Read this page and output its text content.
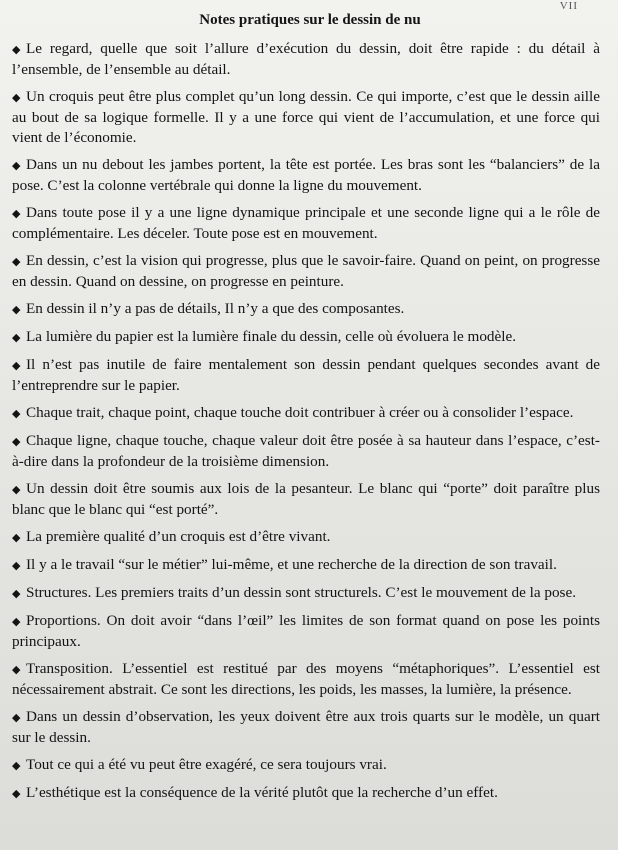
VII
Notes pratiques sur le dessin de nu
◆ Le regard, quelle que soit l’allure d’exécution du dessin, doit être rapide : du détail à l’ensemble, de l’ensemble au détail.
◆ Un croquis peut être plus complet qu’un long dessin. Ce qui importe, c’est que le dessin aille au bout de sa logique formelle. Il y a une force qui vient de l’accumulation, et une force qui vient de l’économie.
◆ Dans un nu debout les jambes portent, la tête est portée. Les bras sont les “balanciers” de la pose. C’est la colonne vertébrale qui donne la ligne du mouvement.
◆ Dans toute pose il y a une ligne dynamique principale et une seconde ligne qui a le rôle de complémentaire. Les déceler. Toute pose est en mouvement.
◆ En dessin, c’est la vision qui progresse, plus que le savoir-faire. Quand on peint, on progresse en dessin. Quand on dessine, on progresse en peinture.
◆ En dessin il n’y a pas de détails, Il n’y a que des composantes.
◆ La lumière du papier est la lumière finale du dessin, celle où évoluera le modèle.
◆ Il n’est pas inutile de faire mentalement son dessin pendant quelques secondes avant de l’entreprendre sur le papier.
◆ Chaque trait, chaque point, chaque touche doit contribuer à créer ou à consolider l’espace.
◆ Chaque ligne, chaque touche, chaque valeur doit être posée à sa hauteur dans l’espace, c’est-à-dire dans la profondeur de la troisième dimension.
◆ Un dessin doit être soumis aux lois de la pesanteur. Le blanc qui “porte” doit paraître plus blanc que le blanc qui “est porté”.
◆ La première qualité d’un croquis est d’être vivant.
◆ Il y a le travail “sur le métier” lui-même, et une recherche de la direction de son travail.
◆ Structures. Les premiers traits d’un dessin sont structurels. C’est le mouvement de la pose.
◆ Proportions. On doit avoir “dans l’œil” les limites de son format quand on pose les points principaux.
◆ Transposition. L’essentiel est restitué par des moyens “métaphoriques”. L’essentiel est nécessairement abstrait. Ce sont les directions, les poids, les masses, la lumière, la présence.
◆ Dans un dessin d’observation, les yeux doivent être aux trois quarts sur le modèle, un quart sur le dessin.
◆ Tout ce qui a été vu peut être exagéré, ce sera toujours vrai.
◆ L’esthétique est la conséquence de la vérité plutôt que la recherche d’un effet.
